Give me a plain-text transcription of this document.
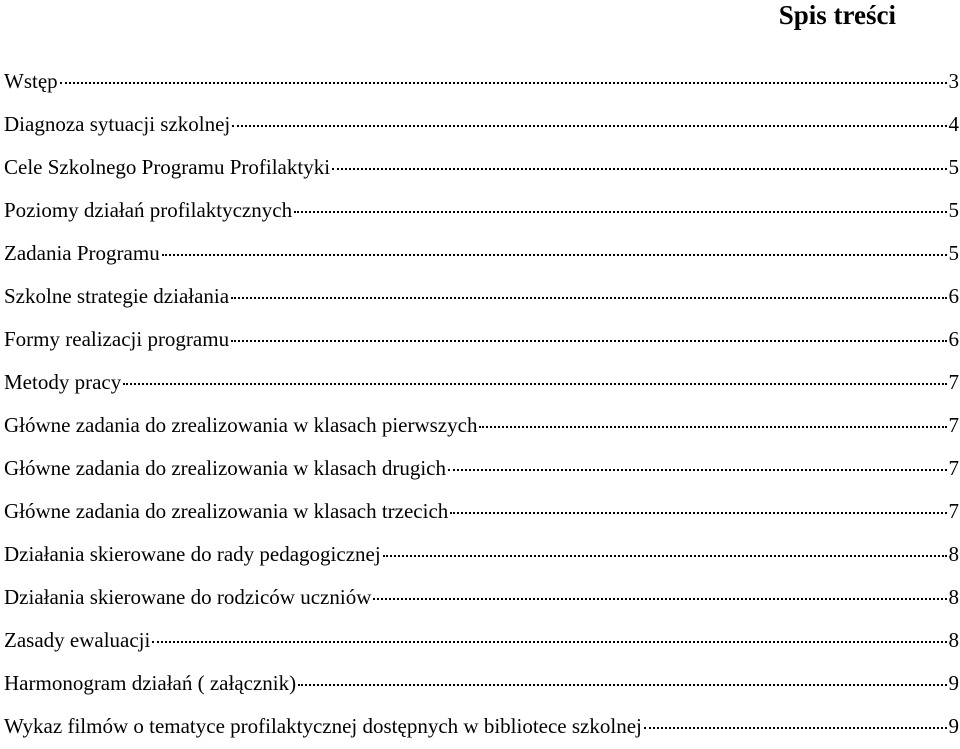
Spis treści
Wstęp	3
Diagnoza sytuacji szkolnej	4
Cele Szkolnego Programu Profilaktyki	5
Poziomy działań profilaktycznych	5
Zadania Programu	5
Szkolne strategie działania	6
Formy realizacji programu	6
Metody pracy	7
Główne zadania do zrealizowania w klasach pierwszych	7
Główne zadania do zrealizowania w klasach drugich	7
Główne zadania do zrealizowania w klasach trzecich	7
Działania skierowane do rady pedagogicznej	8
Działania skierowane do rodziców uczniów	8
Zasady ewaluacji	8
Harmonogram działań ( załącznik)	9
Wykaz filmów o tematyce profilaktycznej dostępnych w bibliotece szkolnej	9
